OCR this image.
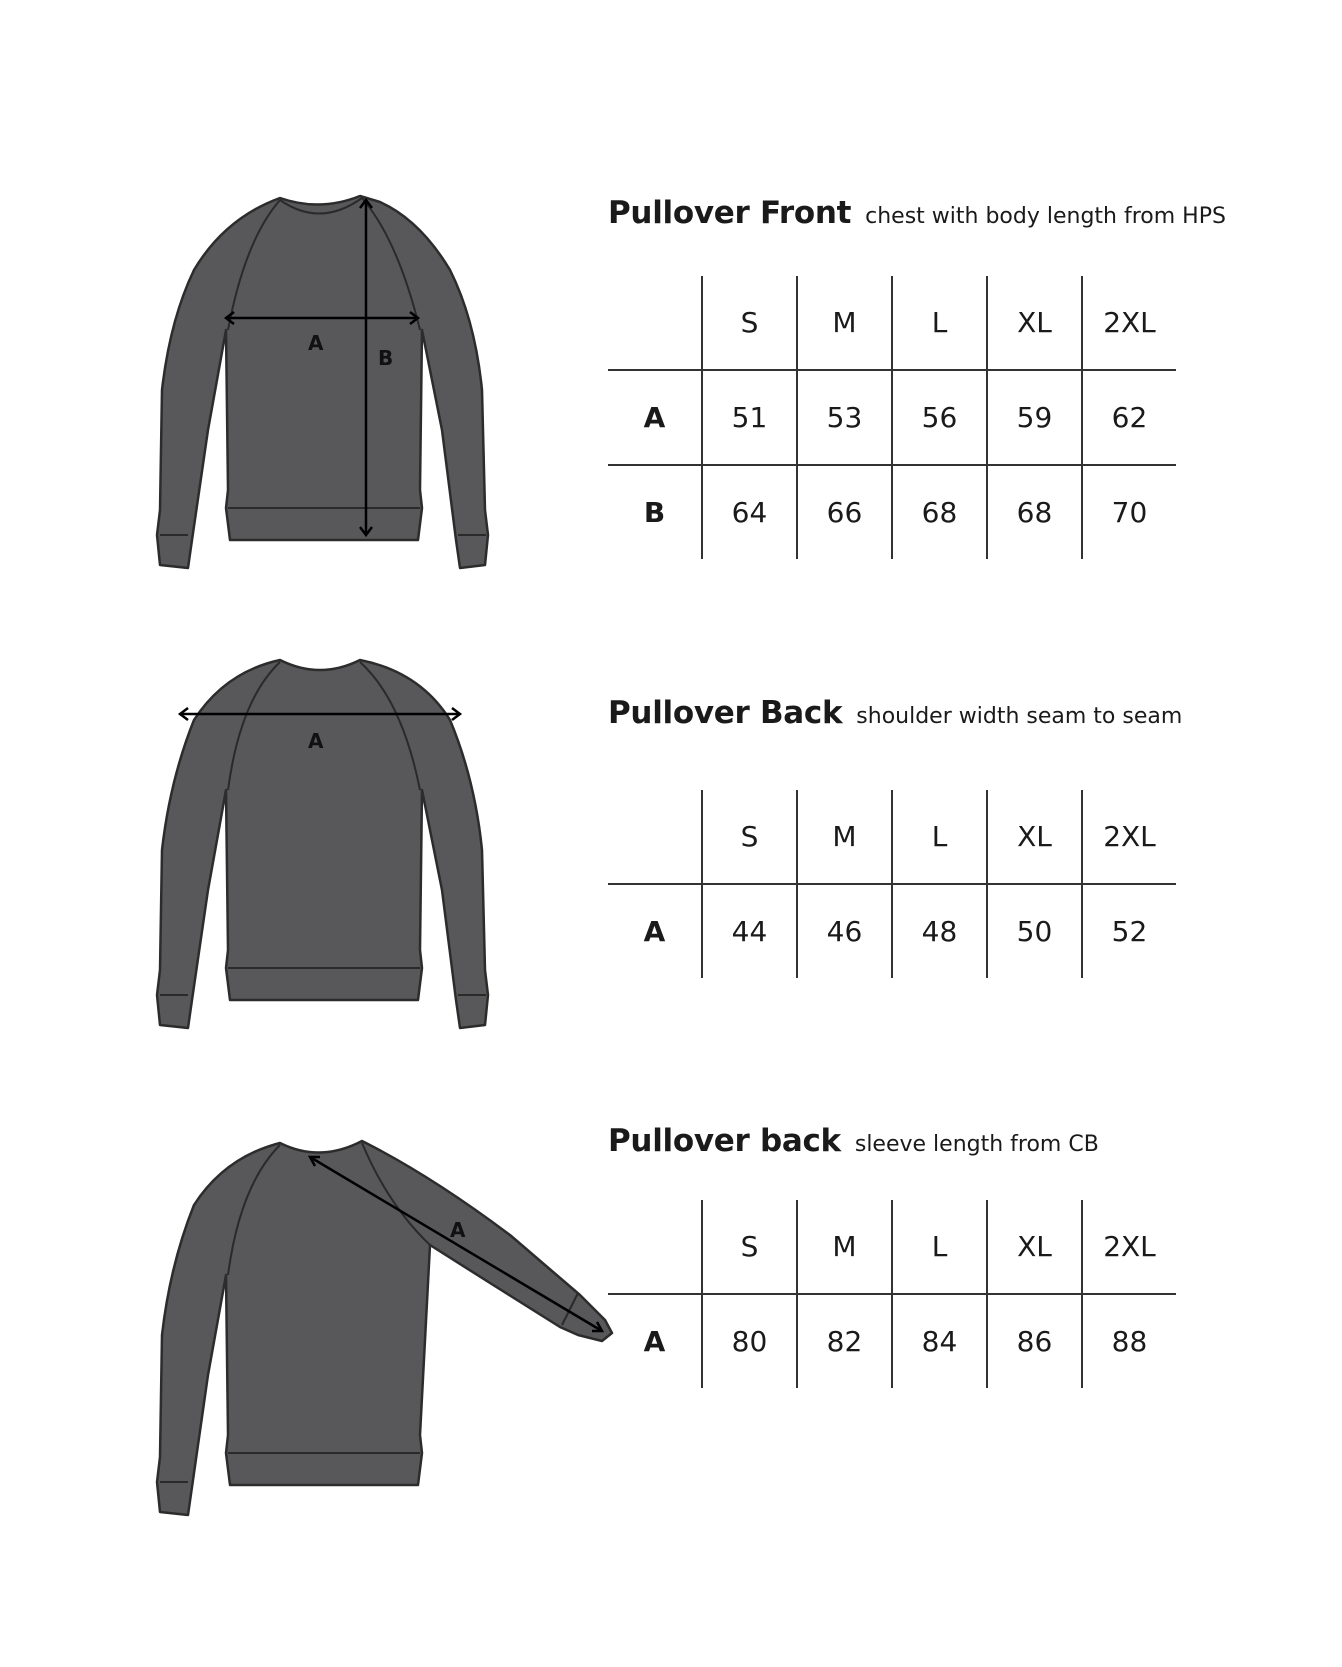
A
B
Pullover Front chest with body length from HPS
	S	M	L	XL	2XL
A	51	53	56	59	62
B	64	66	68	68	70
A
Pullover Back shoulder width seam to seam
	S	M	L	XL	2XL
A	44	46	48	50	52
A
Pullover back sleeve length from CB
	S	M	L	XL	2XL
A	80	82	84	86	88
